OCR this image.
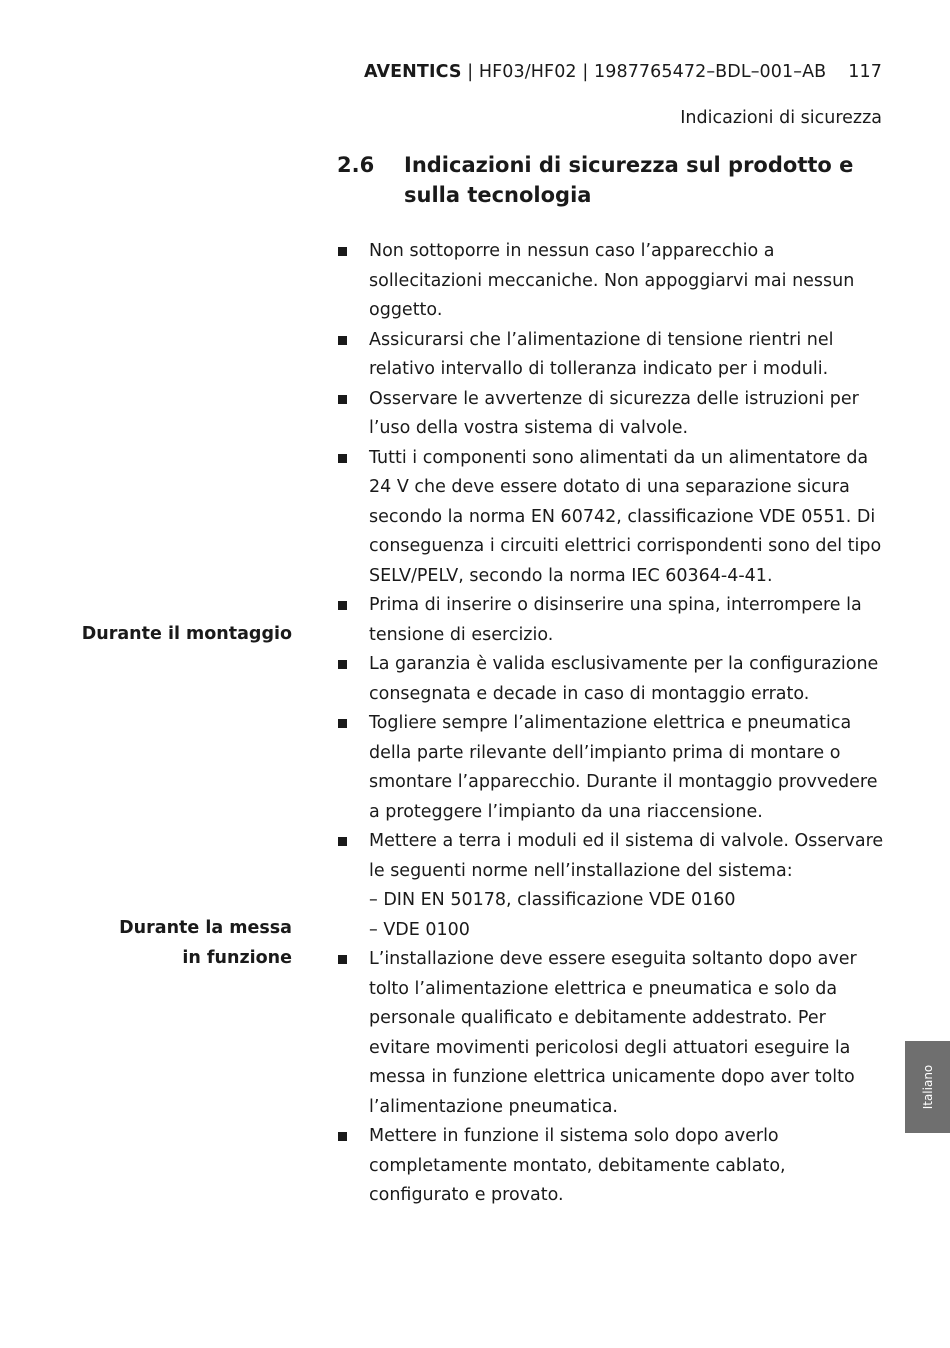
AVENTICS | HF03/HF02 | 1987765472–BDL–001–AB 117
Indicazioni di sicurezza
2.6 Indicazioni di sicurezza sul prodotto e sulla tecnologia
Durante il montaggio
Durante la messa
in funzione
Non sottoporre in nessun caso l’apparecchio a sollecitazioni meccaniche. Non appoggiarvi mai nessun oggetto.
Assicurarsi che l’alimentazione di tensione rientri nel relativo intervallo di tolleranza indicato per i moduli.
Osservare le avvertenze di sicurezza delle istruzioni per l’uso della vostra sistema di valvole.
Tutti i componenti sono alimentati da un alimentatore da 24 V che deve essere dotato di una separazione sicura secondo la norma EN 60742, classificazione VDE 0551. Di conseguenza i circuiti elettrici corrispondenti sono del tipo SELV/PELV, secondo la norma IEC 60364-4-41.
Prima di inserire o disinserire una spina, interrompere la tensione di esercizio.
La garanzia è valida esclusivamente per la configurazione consegnata e decade in caso di montaggio errato.
Togliere sempre l’alimentazione elettrica e pneumatica della parte rilevante dell’impianto prima di montare o smontare l’apparecchio. Durante il montaggio provvedere a proteggere l’impianto da una riaccensione.
Mettere a terra i moduli ed il sistema di valvole. Osservare le seguenti norme nell’installazione del sistema:
– DIN EN 50178, classificazione VDE 0160
– VDE 0100
L’installazione deve essere eseguita soltanto dopo aver tolto l’alimentazione elettrica e pneumatica e solo da personale qualificato e debitamente addestrato. Per evitare movimenti pericolosi degli attuatori eseguire la messa in funzione elettrica unicamente dopo aver tolto l’alimentazione pneumatica.
Mettere in funzione il sistema solo dopo averlo completamente montato, debitamente cablato, configurato e provato.
Italiano
